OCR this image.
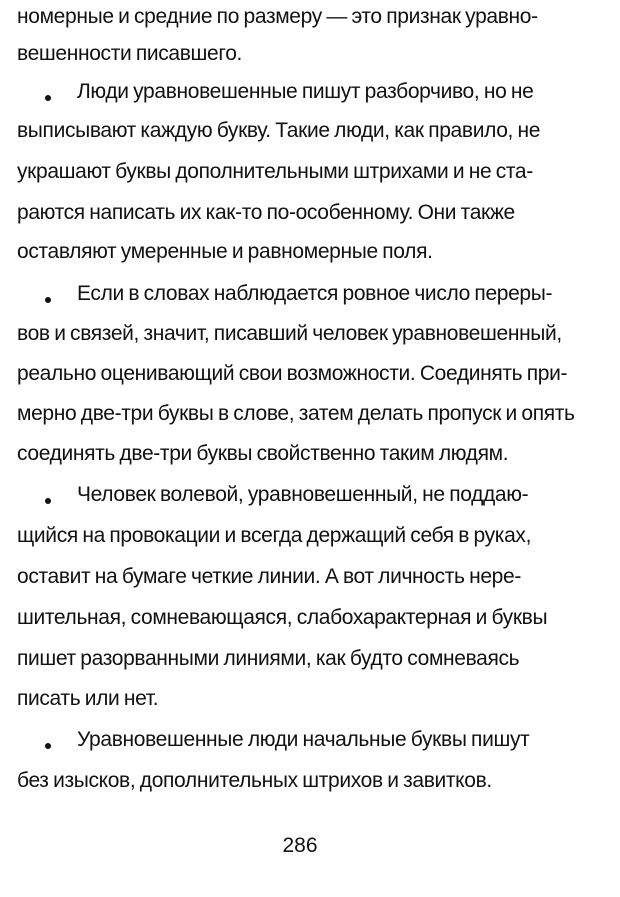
номерные и средние по размеру — это признак уравно-
вешенности писавшего.
Люди уравновешенные пишут разборчиво, но не
выписывают каждую букву. Такие люди, как правило, не
украшают буквы дополнительными штрихами и не ста-
раются написать их как-то по-особенному. Они также
оставляют умеренные и равномерные поля.
Если в словах наблюдается ровное число переры-
вов и связей, значит, писавший человек уравновешенный,
реально оценивающий свои возможности. Соединять при-
мерно две-три буквы в слове, затем делать пропуск и опять
соединять две-три буквы свойственно таким людям.
Человек волевой, уравновешенный, не поддаю-
щийся на провокации и всегда держащий себя в руках,
оставит на бумаге четкие линии. А вот личность нере-
шительная, сомневающаяся, слабохарактерная и буквы
пишет разорванными линиями, как будто сомневаясь
писать или нет.
Уравновешенные люди начальные буквы пишут
без изысков, дополнительных штрихов и завитков.
286
